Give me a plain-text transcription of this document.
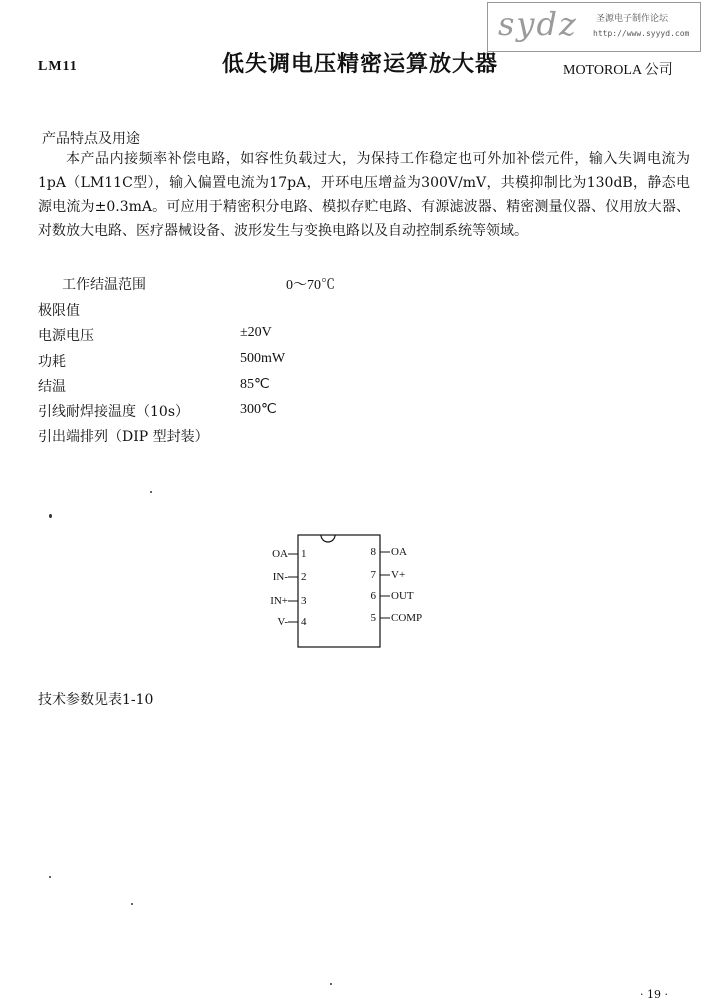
sydz 圣源电子制作论坛
http://www.syyyd.com
LM11	低失调电压精密运算放大器	MOTOROLA 公司
产品特点及用途

本产品内接频率补偿电路，如容性负载过大，为保持工作稳定也可外加补偿元件，输入失调电流为1pA（LM11C型），输入偏置电流为17pA，开环电压增益为300V/mV，共模抑制比为130dB，静态电源电流为±0.3mA。可应用于精密积分电路、模拟存贮电路、有源滤波器、精密测量仪器、仪用放大器、对数放大电路、医疗器械设备、波形发生与变换电路以及自动控制系统等领域。

工作结温范围	0～70℃
极限值
电源电压	±20V
功耗	500mW
结温	85℃
引线耐焊接温度（10s）	300℃
引出端排列（DIP 型封装）
OA 1
IN- 2
IN+ 3
V- 4
8 OA
7 V+
6 OUT
5 COMP
技术参数见表1-10
· 19 ·
